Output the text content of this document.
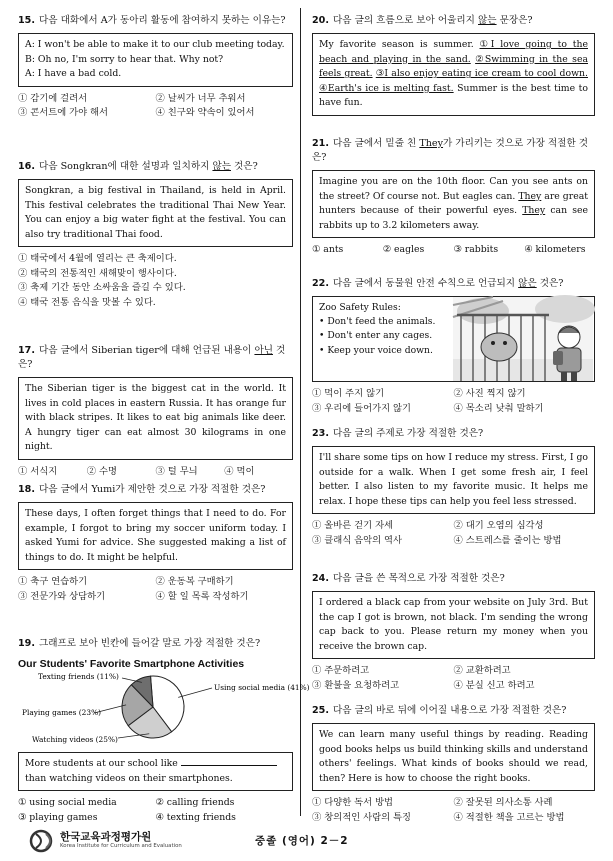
15. 다음 대화에서 A가 동아리 활동에 참여하지 못하는 이유는?
A: I won't be able to make it to our club meeting today.
B: Oh no, I'm sorry to hear that. Why not?
A: I have a bad cold.
① 감기에 걸려서	② 날씨가 너무 추워서
③ 콘서트에 가야 해서	④ 친구와 약속이 있어서
16. 다음 Songkran에 대한 설명과 일치하지 않는 것은?
Songkran, a big festival in Thailand, is held in April. This festival celebrates the traditional Thai New Year. You can enjoy a big water fight at the festival. You can also try traditional Thai food.
① 태국에서 4월에 열리는 큰 축제이다.
② 태국의 전통적인 새해맞이 행사이다.
③ 축제 기간 동안 소싸움을 즐길 수 있다.
④ 태국 전통 음식을 맛볼 수 있다.
17. 다음 글에서 Siberian tiger에 대해 언급된 내용이 아닌 것은?
The Siberian tiger is the biggest cat in the world. It lives in cold places in eastern Russia. It has orange fur with black stripes. It likes to eat big animals like deer. A hungry tiger can eat almost 30 kilograms in one night.
① 서식지	② 수명	③ 털 무늬	④ 먹이
18. 다음 글에서 Yumi가 제안한 것으로 가장 적절한 것은?
These days, I often forget things that I need to do. For example, I forgot to bring my soccer uniform today. I asked Yumi for advice. She suggested making a list of things to do. It might be helpful.
① 축구 연습하기	② 운동복 구매하기
③ 전문가와 상담하기	④ 할 일 목록 작성하기
19. 그래프로 보아 빈칸에 들어갈 말로 가장 적절한 것은?
Our Students' Favorite Smartphone Activities
Using social media (41%)
Watching videos (25%)
Playing games (23%)
Texting friends (11%)
More students at our school like
than watching videos on their smartphones.
① using social media	② calling friends
③ playing games	④ texting friends
20. 다음 글의 흐름으로 보아 어울리지 않는 문장은?
My favorite season is summer. ①I love going to the beach and playing in the sand. ②Swimming in the sea feels great. ③I also enjoy eating ice cream to cool down. ④Earth's ice is melting fast. Summer is the best time to have fun.
21. 다음 글에서 밑줄 친 They가 가리키는 것으로 가장 적절한 것은?
Imagine you are on the 10th floor. Can you see ants on the street? Of course not. But eagles can. They are great hunters because of their powerful eyes. They can see rabbits up to 3.2 kilometers away.
① ants	② eagles	③ rabbits	④ kilometers
22. 다음 글에서 동물원 안전 수칙으로 언급되지 않은 것은?
Zoo Safety Rules:
• Don't feed the animals.
• Don't enter any cages.
• Keep your voice down.
① 먹이 주지 않기	② 사진 찍지 않기
③ 우리에 들어가지 않기	④ 목소리 낮춰 말하기
23. 다음 글의 주제로 가장 적절한 것은?
I'll share some tips on how I reduce my stress. First, I go outside for a walk. When I get some fresh air, I feel better. I also listen to my favorite music. It helps me relax. I hope these tips can help you feel less stressed.
① 올바른 걷기 자세	② 대기 오염의 심각성
③ 클래식 음악의 역사	④ 스트레스를 줄이는 방법
24. 다음 글을 쓴 목적으로 가장 적절한 것은?
I ordered a black cap from your website on July 3rd. But the cap I got is brown, not black. I'm sending the wrong cap back to you. Please return my money when you receive the brown cap.
① 주문하려고	② 교환하려고
③ 환불을 요청하려고	④ 분실 신고 하려고
25. 다음 글의 바로 뒤에 이어질 내용으로 가장 적절한 것은?
We can learn many useful things by reading. Reading good books helps us build thinking skills and understand others' feelings. What kinds of books should we read, then? Here is how to choose the right books.
① 다양한 독서 방법	② 잘못된 의사소통 사례
③ 창의적인 사람의 특징	④ 적절한 책을 고르는 방법
한국교육과정평가원
Korea Institute for Curriculum and Evaluation	중졸 (영어) 2－2
